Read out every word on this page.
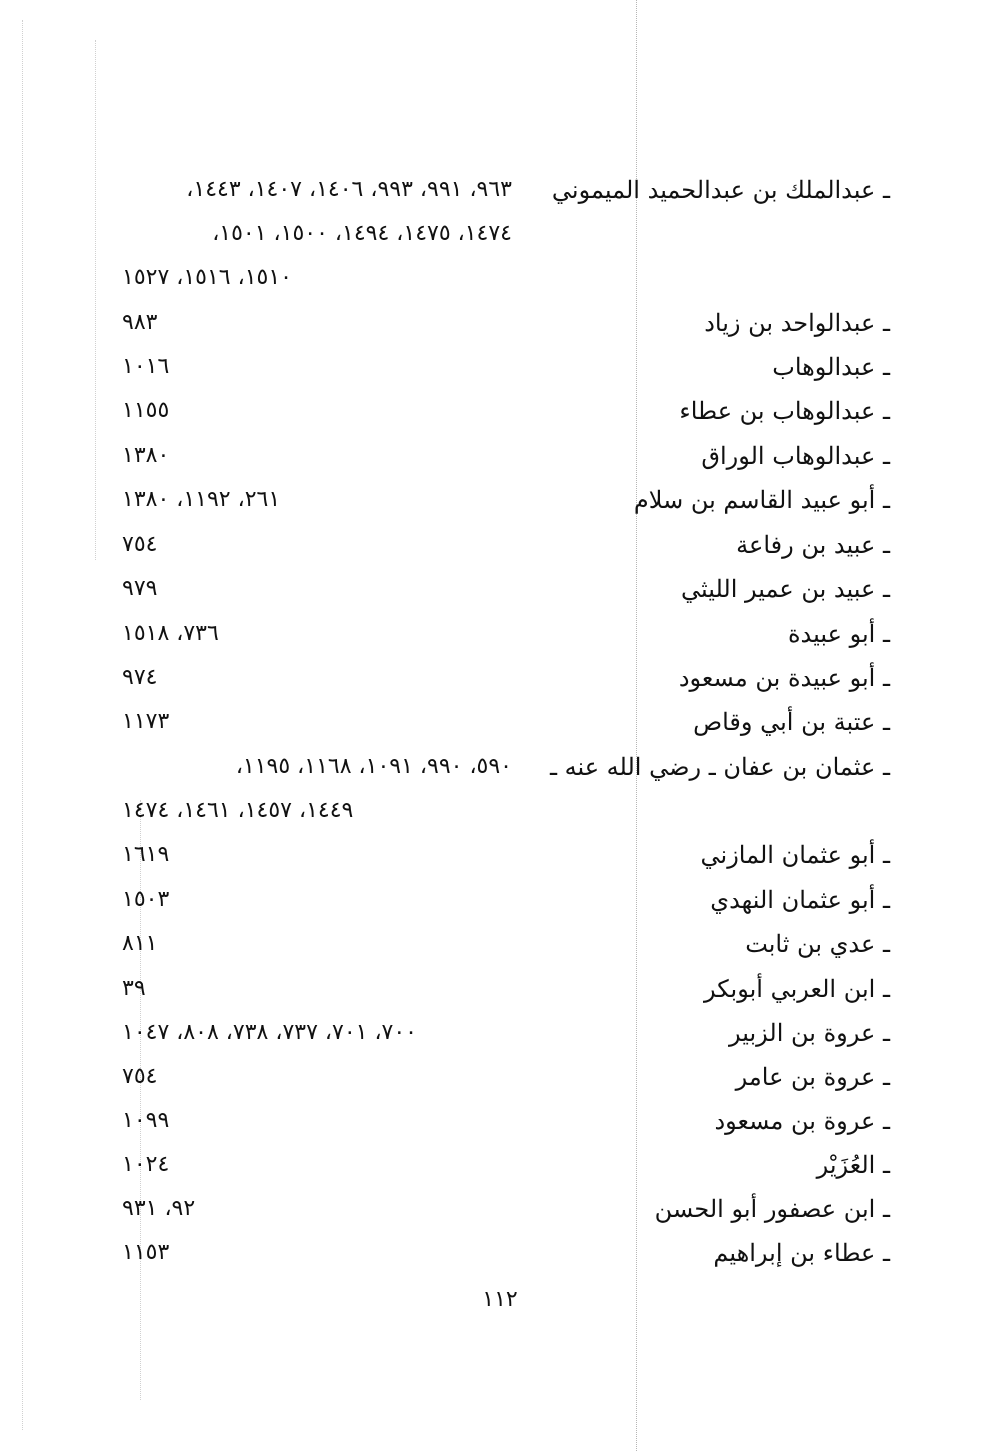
ـ عبدالملك بن عبدالحميد الميموني
٩٦٣، ٩٩١، ٩٩٣، ١٤٠٦، ١٤٠٧، ١٤٤٣،
١٤٧٤، ١٤٧٥، ١٤٩٤، ١٥٠٠، ١٥٠١،
١٥١٠، ١٥١٦، ١٥٢٧
ـ عبدالواحد بن زياد
٩٨٣
ـ عبدالوهاب
١٠١٦
ـ عبدالوهاب بن عطاء
١١٥٥
ـ عبدالوهاب الوراق
١٣٨٠
ـ أبو عبيد القاسم بن سلام
٢٦١، ١١٩٢، ١٣٨٠
ـ عبيد بن رفاعة
٧٥٤
ـ عبيد بن عمير الليثي
٩٧٩
ـ أبو عبيدة
٧٣٦، ١٥١٨
ـ أبو عبيدة بن مسعود
٩٧٤
ـ عتبة بن أبي وقاص
١١٧٣
ـ عثمان بن عفان ـ رضي الله عنه ـ
٥٩٠، ٩٩٠، ١٠٩١، ١١٦٨، ١١٩٥،
١٤٤٩، ١٤٥٧، ١٤٦١، ١٤٧٤
ـ أبو عثمان المازني
١٦١٩
ـ أبو عثمان النهدي
١٥٠٣
ـ عدي بن ثابت
٨١١
ـ ابن العربي أبوبكر
٣٩
ـ عروة بن الزبير
٧٠٠، ٧٠١، ٧٣٧، ٧٣٨، ٨٠٨، ١٠٤٧
ـ عروة بن عامر
٧٥٤
ـ عروة بن مسعود
١٠٩٩
ـ العُزَيْر
١٠٢٤
ـ ابن عصفور أبو الحسن
٩٢، ٩٣١
ـ عطاء بن إبراهيم
١١٥٣
١١٢
